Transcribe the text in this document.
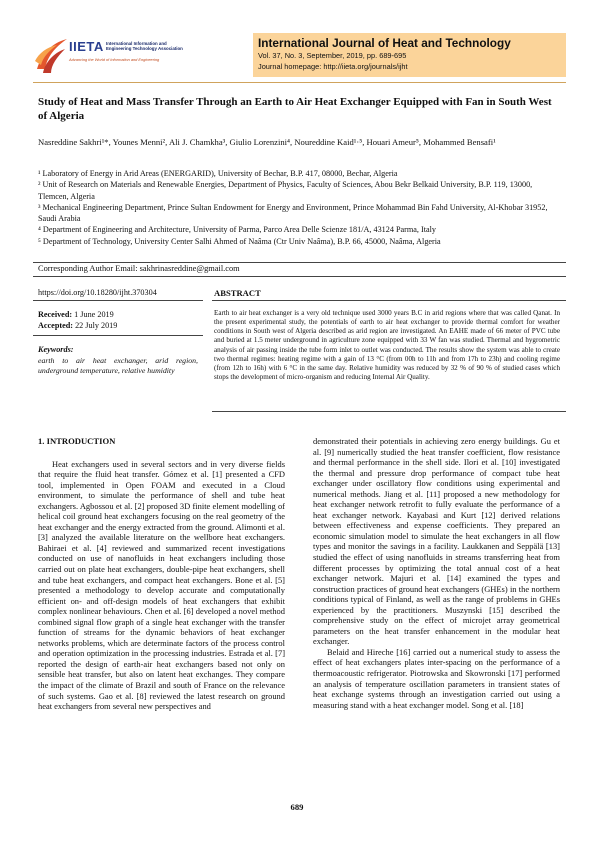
IIETA International Information and Engineering Technology Association
Advancing the World of Information and Engineering
International Journal of Heat and Technology
Vol. 37, No. 3, September, 2019, pp. 689-695
Journal homepage: http://iieta.org/journals/ijht
Study of Heat and Mass Transfer Through an Earth to Air Heat Exchanger Equipped with Fan in South West of Algeria
Nasreddine Sakhri¹*, Younes Menni², Ali J. Chamkha³, Giulio Lorenzini⁴, Noureddine Kaid¹·⁵, Houari Ameur⁵, Mohammed Bensafi¹

¹ Laboratory of Energy in Arid Areas (ENERGARID), University of Bechar, B.P. 417, 08000, Bechar, Algeria

² Unit of Research on Materials and Renewable Energies, Department of Physics, Faculty of Sciences, Abou Bekr Belkaid University, B.P. 119, 13000, Tlemcen, Algeria

³ Mechanical Engineering Department, Prince Sultan Endowment for Energy and Environment, Prince Mohammad Bin Fahd University, Al-Khobar 31952, Saudi Arabia

⁴ Department of Engineering and Architecture, University of Parma, Parco Area Delle Scienze 181/A, 43124 Parma, Italy

⁵ Department of Technology, University Center Salhi Ahmed of Naâma (Ctr Univ Naâma), B.P. 66, 45000, Naâma, Algeria

Corresponding Author Email: sakhrinasreddine@gmail.com
https://doi.org/10.18280/ijht.370304
Received: 1 June 2019
Accepted: 22 July 2019
Keywords:
earth to air heat exchanger, arid region, underground temperature, relative humidity
ABSTRACT
Earth to air heat exchanger is a very old technique used 3000 years B.C in arid regions where that was called Qanat. In the present experimental study, the potentials of earth to air heat exchanger to provide thermal comfort for weather conditions in South west of Algeria described as arid region are investigated. An EAHE made of 66 meter of PVC tube and buried at 1.5 meter underground in agriculture zone equipped with 33 W fan was studied. Thermal and hygrometric analysis of air passing inside the tube form inlet to outlet was conducted. The results show the system was able to create two thermal regimes: heating regime with a gain of 13 °C (from 00h to 11h and from 17h to 23h) and cooling regime (from 12h to 16h) with 6 °C in the same day. Relative humidity was reduced by 32 % of 90 % of studied cases which stops the development of micro-organism and reducing Internal Air Quality.

1. INTRODUCTION

Heat exchangers used in several sectors and in very diverse fields that require the fluid heat transfer. Gómez et al. [1] presented a CFD tool, implemented in Open FOAM and executed in a Cloud environment, to simulate the performance of shell and tube heat exchangers. Agbossou et al. [2] proposed 3D finite element modelling of helical coil ground heat exchangers focusing on the real geometry of the heat exchanger and the energy extracted from the ground. Alimonti et al. [3] analyzed the available literature on the wellbore heat exchangers. Bahiraei et al. [4] reviewed and summarized recent investigations conducted on use of nanofluids in heat exchangers including those carried out on plate heat exchangers, double-pipe heat exchangers, shell and tube heat exchangers, and compact heat exchangers. Bone et al. [5] presented a methodology to develop accurate and computationally efficient on- and off-design models of heat exchangers that exhibit complex nonlinear behaviours. Chen et al. [6] developed a novel method combined signal flow graph of a single heat exchanger with the transfer function of streams for the dynamic behaviors of heat exchanger networks problems, which are determinate factors of the process control and operation optimization in the processing industries. Estrada et al. [7] reported the design of earth-air heat exchangers based not only on sensible heat transfer, but also on latent heat exchanges. They compare the impact of the climate of Brazil and south of France on the relevance of such systems. Gao et al. [8] reviewed the latest research on ground heat exchangers from several new perspectives and

demonstrated their potentials in achieving zero energy buildings. Gu et al. [9] numerically studied the heat transfer coefficient, flow resistance and thermal performance in the shell side. Ilori et al. [10] investigated the thermal and pressure drop performance of compact tube heat exchanger under oscillatory flow conditions using experimental and numerical methods. Jiang et al. [11] proposed a new methodology for heat exchanger network retrofit to fully evaluate the performance of a heat exchanger network. Kayabasi and Kurt [12] derived relations between effectiveness and expense coefficients. They prepared an economic simulation model to simulate the heat exchangers in all flow types and monitor the savings in a facility. Laukkanen and Seppälä [13] studied the effect of using nanofluids in streams transferring heat from different processes by optimizing the total annual cost of a heat exchanger network. Majuri et al. [14] examined the types and construction practices of ground heat exchangers (GHEs) in the northern conditions typical of Finland, as well as the range of problems in GHEs experienced by the practitioners. Muszynski [15] described the comprehensive study on the effect of microjet array geometrical parameters on the heat transfer enhancement in the modular heat exchanger.

Belaid and Hireche [16] carried out a numerical study to assess the effect of heat exchangers plates inter-spacing on the performance of a thermoacoustic refrigerator. Piotrowska and Skowronski [17] performed an analysis of temperature oscillation parameters in transient states of heat exchange systems through an investigation carried out using a measuring stand with a heat exchanger model. Song et al. [18]

689
